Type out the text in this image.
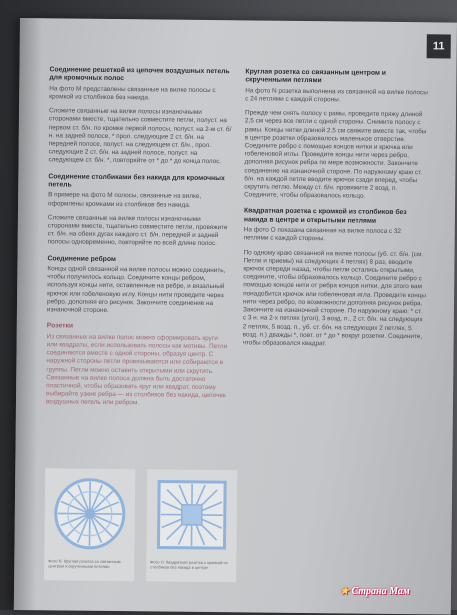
11
Соединение решеткой из цепочек воздушных петель для кромочных полос
На фото М представлены связанные на вилке полосы с кромкой из столбиков без накида.
Сложите связанные на вилке полосы изнаночными сторонами вместе, тщательно совместите петли, полуст. на первом ст. б/н. по кромке первой полосы, полуст. на 2-м ст. б/н. на задней полосе, * прол. следующие 2 ст. б/н. на передней полосе, полуст. на следующем ст. б/н., прол. следующие 2 ст. б/н. на задней полосе, полуст. на следующем ст. б/н. *, повторяйте от * до * до конца полос.
Соединение столбиками без накида для кромочных петель
В примере на фото М полосы, связанные на вилке, оформлены кромками из столбиков без накида.
Сложите связанные на вилке полосы изнаночными сторонами вместе, тщательно совместите петли, провяжите ст. б/н. на обеих дугах каждого ст. б/н. передней и задней полосы одновременно, повторяйте по всей длине полос.
Соединение ребром
Концы одной связанной на вилке полосы можно соединить, чтобы получилось кольцо. Соедините концы ребром, используя концы нити, оставленные на ребре, и вязальный крючок или гобеленовую иглу. Концы нити проведите через ребро, дополняя его рисунок. Закончите соединение на изнаночной стороне.
Розетки
Из связанных на вилке полос можно сформировать круги или квадраты, если использовать полосы как мотивы. Петли соединяются вместе с одной стороны, образуя центр. С наружной стороны петли провязываются или собираются в группы. Петли можно оставить открытыми или скрутить. Связанные на вилке полоса должна быть достаточно пластичной, чтобы образовать круг или квадрат, поэтому выбирайте узкие ребра — из столбиков без накида, цепочек воздушных петель или ребром.
Круглая розетка со связанным центром и скрученными петлями
На фото N розетка выполнена из связанной на вилке полосы с 24 петлями с каждой стороны.
Прежде чем снять полосу с рамы, проведите пряжу длиной 2,5 см через все петли с одной стороны. Снимите полосу с рамы. Концы нитки длиной 2,5 см свяжите вместе так, чтобы в центре розетки образовалось маленькое отверстие. Соедините ребро с помощью концов нитки и крючка или гобеленовой иглы. Проведите концы нити через ребро, дополняя рисунок ребра по мере возможности. Закончите соединение на изнаночной стороне. По наружному краю ст. б/н. на каждой петле вводите крючок сзади вперед, чтобы скрутить петлю. Между ст. б/н. провяжите 2 возд. п. Соедините, чтобы образовалось кольцо.
Квадратная розетка с кромкой из столбиков без накида в центре и открытыми петлями
На фото О показана связанная на вилке полоса с 32 петлями с каждой стороны.
По одному краю связанной на вилке полосы (уб. ст. б/н. (см. Петли и приемы) на следующих 4 петлях) 8 раз, вводите крючок спереди назад, чтобы петли остались открытыми, соедините, чтобы образовалось кольцо. Соедините ребро с помощью концов нити от ребра концов нитки, для этого вам понадобится крючок или гобеленовая игла. Проведите концы нити через ребро, по возможности дополняя рисунок ребра. Закончите на изнаночной стороне. По наружному краю: * ст. с 3 н. на 2-х петлях (угол), 3 возд. п., 2 ст. б/н. на следующих 2 петлях, 5 возд. п., уб. ст. б/н. на следующих 2 петлях, 5 возд. п.) дважды *, повт. от * до * вокруг розетки. Соедините, чтобы образовался квадрат.
Фото N. Круглая розетка со связанным центром и скрученными петлями
Фото О. Квадратная розетка с кромкой из столбиков без накида в центре
★ Страна Мам
